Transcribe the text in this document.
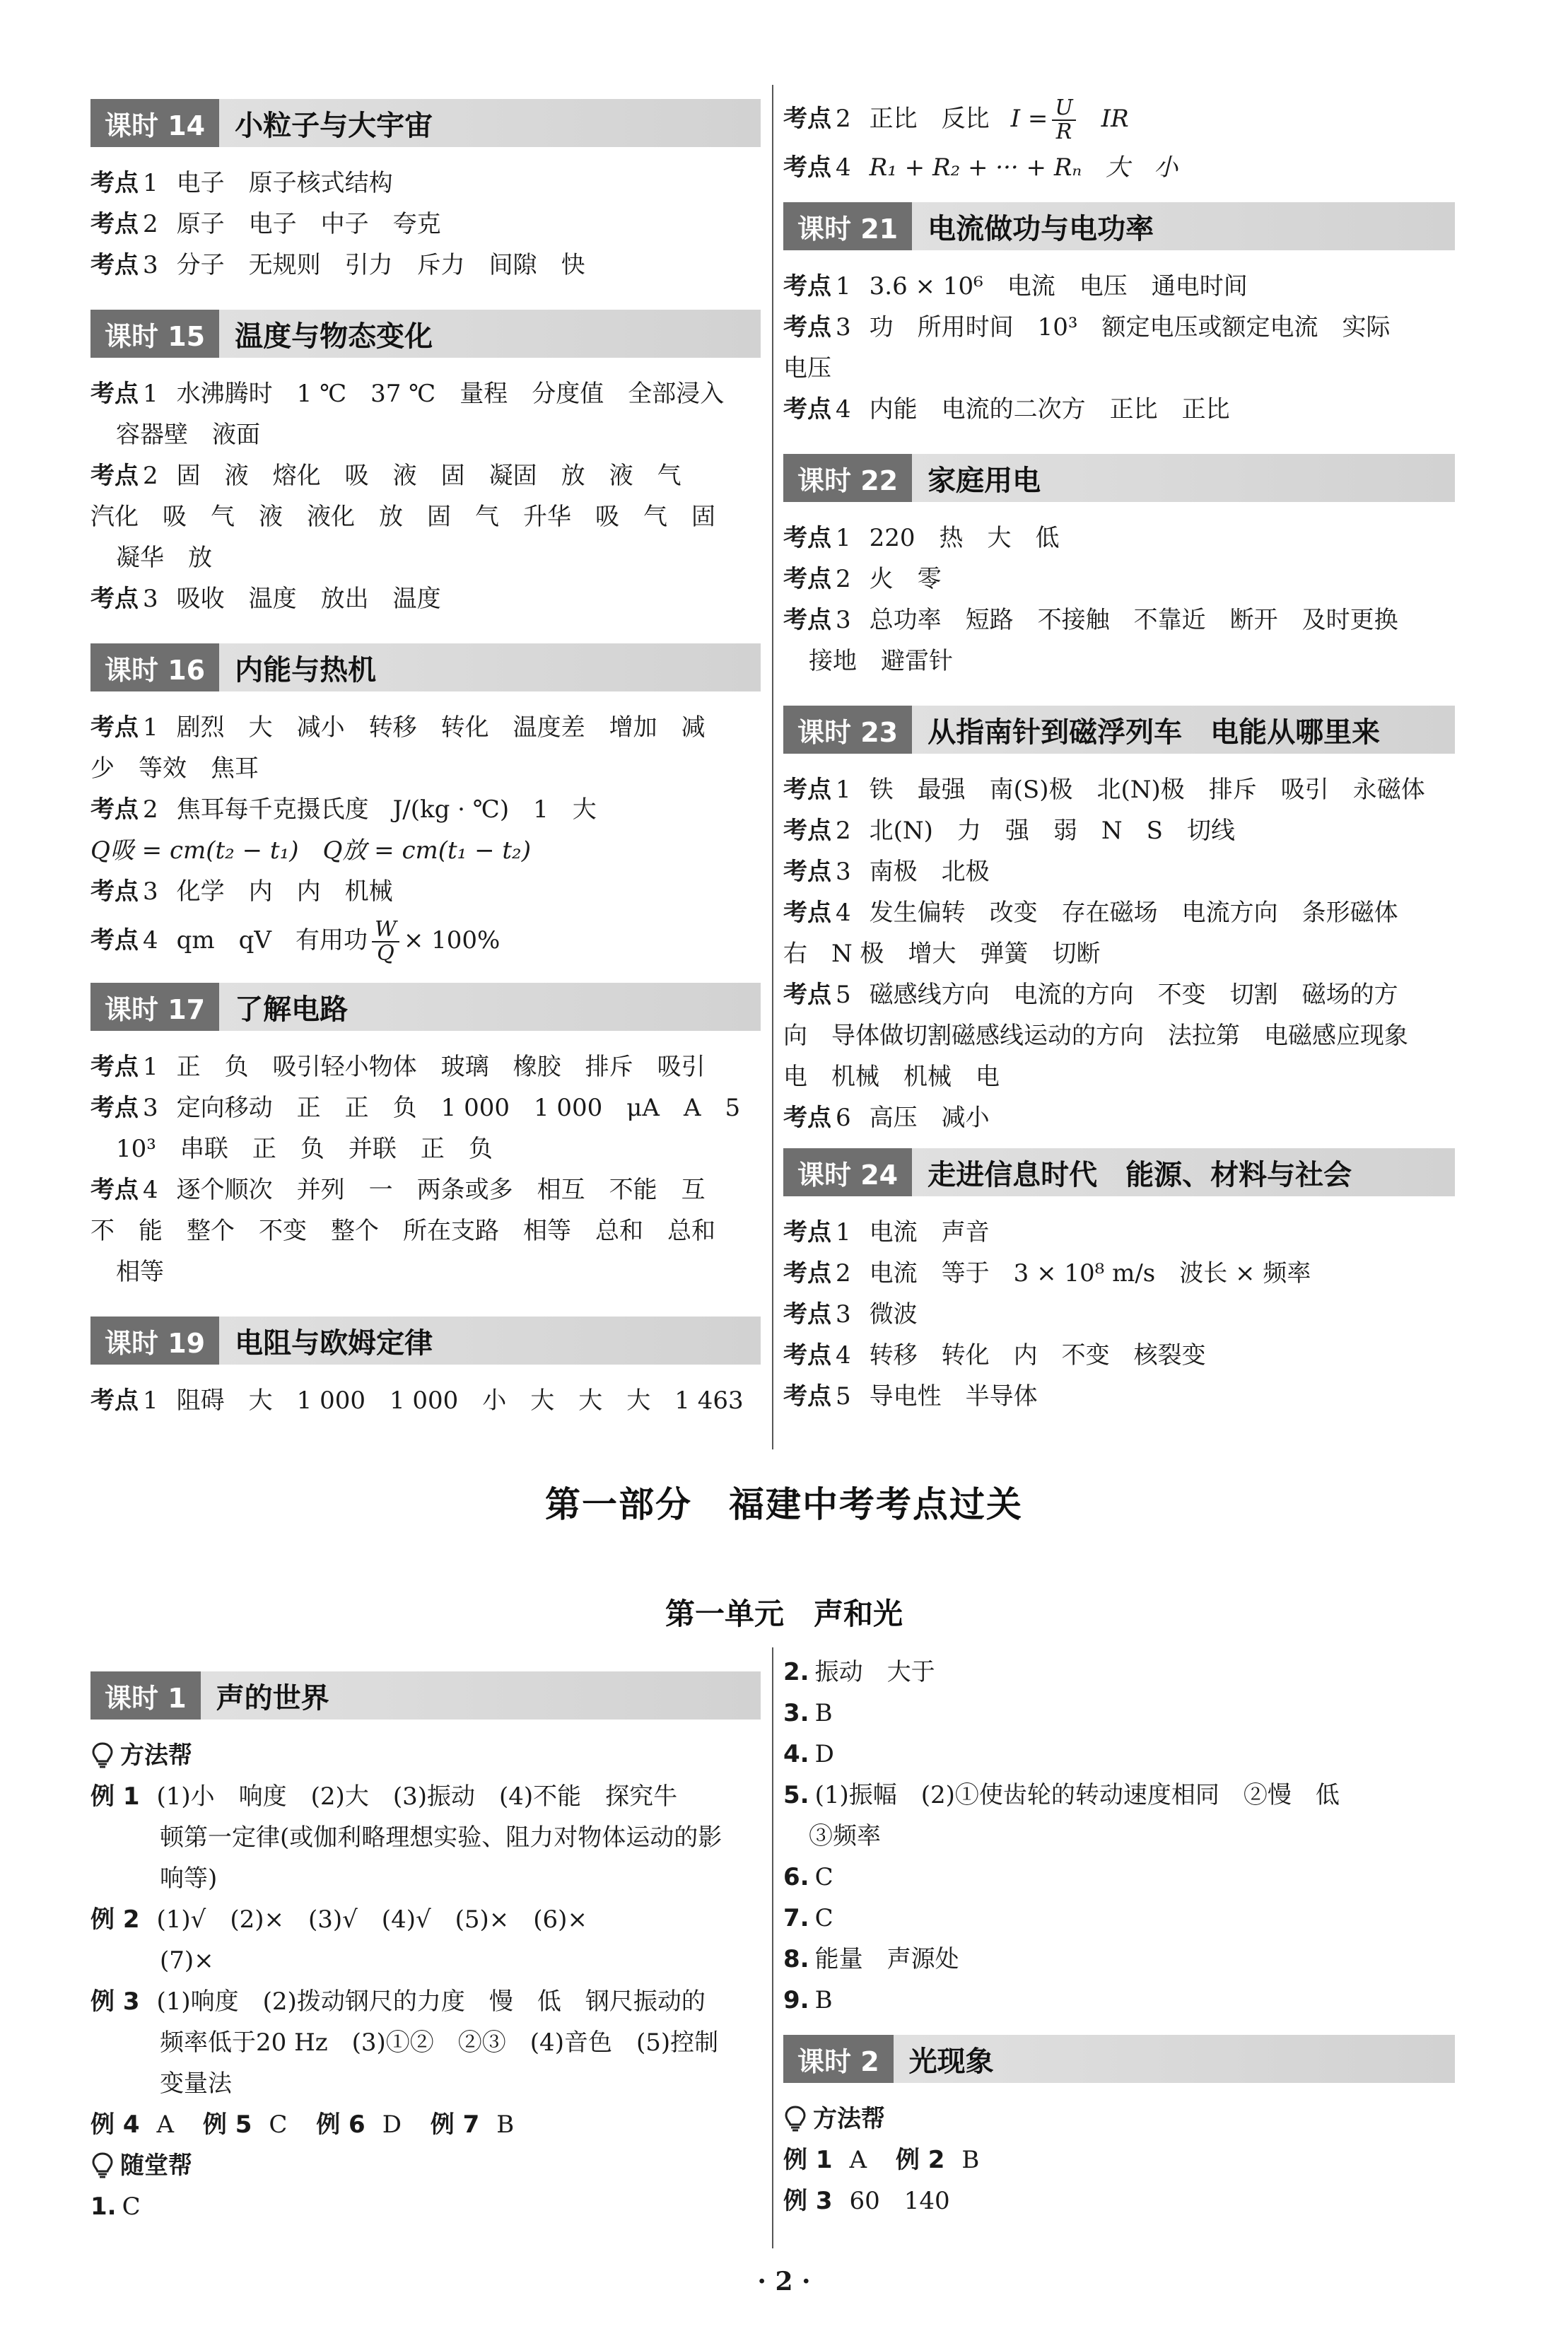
课时 14	小粒子与大宇宙
考点 1 电子　原子核式结构
考点 2 原子　电子　中子　夸克
考点 3 分子　无规则　引力　斥力　间隙　快
课时 15	温度与物态变化
考点 1 水沸腾时　1 ℃　37 ℃　量程　分度值　全部浸入
容器壁　液面
考点 2 固　液　熔化　吸　液　固　凝固　放　液　气
汽化　吸　气　液　液化　放　固　气　升华　吸　气　固
凝华　放
考点 3 吸收　温度　放出　温度
课时 16	内能与热机
考点 1 剧烈　大　减小　转移　转化　温度差　增加　减
少　等效　焦耳
考点 2 焦耳每千克摄氏度　J/(kg · ℃)　1　大
Q吸 = cm(t₂ − t₁)　Q放 = cm(t₁ − t₂)
考点 3 化学　内　内　机械
考点 4 qm　qV　有用功 $\frac{W}{Q} \times 100\%$
课时 17	了解电路
考点 1 正　负　吸引轻小物体　玻璃　橡胶　排斥　吸引
考点 3 定向移动　正　正　负　1 000　1 000　μA　A　5
10³　串联　正　负　并联　正　负
考点 4 逐个顺次　并列　一　两条或多　相互　不能　互
不　能　整个　不变　整个　所在支路　相等　总和　总和
相等
课时 19	电阻与欧姆定律
考点 1 阻碍　大　1 000　1 000　小　大　大　大　1 463
考点 2 正比　反比 $I = \frac{U}{R}$ IR
考点 4 R₁ + R₂ + ··· + Rₙ　大　小
课时 21	电流做功与电功率
考点 1 3.6 × 10⁶　电流　电压　通电时间
考点 3 功　所用时间　10³　额定电压或额定电流　实际
电压
考点 4 内能　电流的二次方　正比　正比
课时 22	家庭用电
考点 1 220　热　大　低
考点 2 火　零
考点 3 总功率　短路　不接触　不靠近　断开　及时更换
接地　避雷针
课时 23	从指南针到磁浮列车　电能从哪里来
考点 1 铁　最强　南(S)极　北(N)极　排斥　吸引　永磁体
考点 2 北(N)　力　强　弱　N　S　切线
考点 3 南极　北极
考点 4 发生偏转　改变　存在磁场　电流方向　条形磁体
右　N 极　增大　弹簧　切断
考点 5 磁感线方向　电流的方向　不变　切割　磁场的方
向　导体做切割磁感线运动的方向　法拉第　电磁感应现象
电　机械　机械　电
考点 6 高压　减小
课时 24	走进信息时代　能源、材料与社会
考点 1 电流　声音
考点 2 电流　等于　3 × 10⁸ m/s　波长 × 频率
考点 3 微波
考点 4 转移　转化　内　不变　核裂变
考点 5 导电性　半导体
第一部分　福建中考考点过关
第一单元　声和光
课时 1	声的世界
方法帮
例 1 (1)小　响度　(2)大　(3)振动　(4)不能　探究牛
顿第一定律(或伽利略理想实验、阻力对物体运动的影
响等)
例 2 (1)√　(2)×　(3)√　(4)√　(5)×　(6)×
(7)×
例 3 (1)响度　(2)拨动钢尺的力度　慢　低　钢尺振动的
频率低于20 Hz　(3)①②　②③　(4)音色　(5)控制
变量法
例 4 A 例 5 C 例 6 D 例 7 B
随堂帮
1. C
2. 振动　大于
3. B
4. D
5. (1)振幅　(2)①使齿轮的转动速度相同　②慢　低
③频率
6. C
7. C
8. 能量　声源处
9. B
课时 2	光现象
方法帮
例 1 A 例 2 B
例 3 60　140
· 2 ·
